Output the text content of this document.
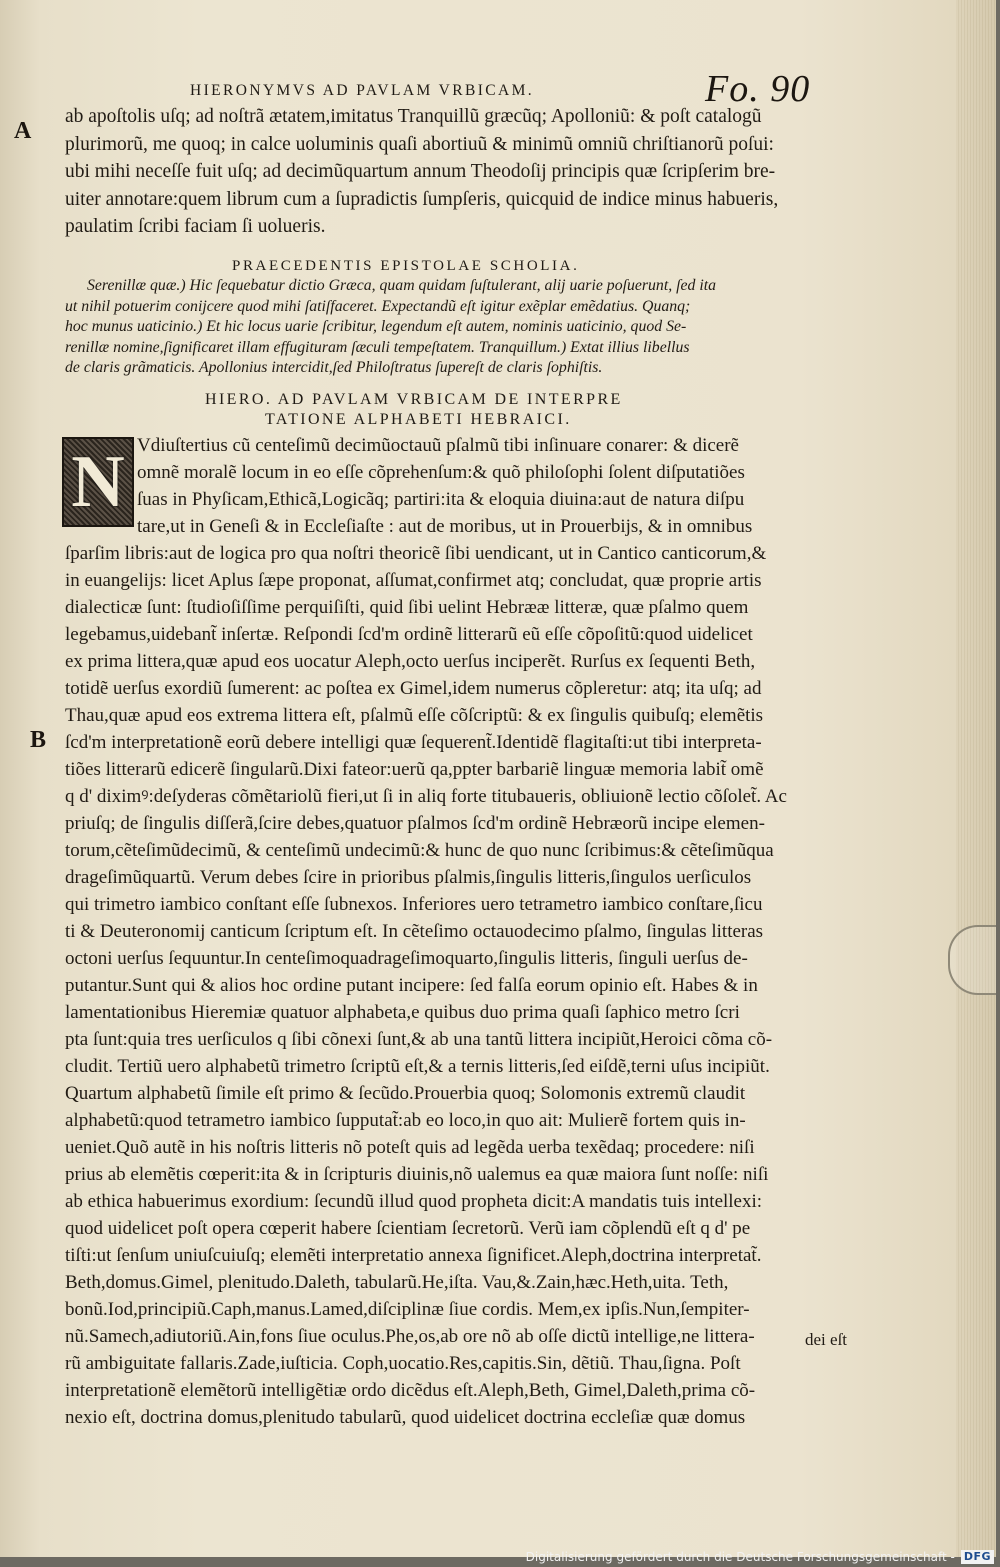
HIERONYMVS AD PAVLAM VRBICAM.	Fo. 90
A
B
ab apoſtolis uſq; ad noſtrã ætatem,imitatus Tranquillũ græcũq; Apolloniũ: & poſt catalogũ
plurimorũ, me quoq; in calce uoluminis quaſi abortiuũ & minimũ omniũ chriſtianorũ poſui:
ubi mihi neceſſe fuit uſq; ad decimũquartum annum Theodoſij principis quæ ſcripſerim bre-
uiter annotare:quem librum cum a ſupradictis ſumpſeris, quicquid de indice minus habueris,
paulatim ſcribi faciam ſi uolueris.
PRAECEDENTIS EPISTOLAE SCHOLIA.
Serenillæ quæ.) Hic ſequebatur dictio Græca, quam quidam ſuſtulerant, alij uarie poſuerunt, ſed ita
ut nihil potuerim conijcere quod mihi ſatiſfaceret. Expectandũ eſt igitur exẽplar emẽdatius. Quanq;
hoc munus uaticinio.) Et hic locus uarie ſcribitur, legendum eſt autem, nominis uaticinio, quod Se-
renillæ nomine,ſignificaret illam effugituram ſæculi tempeſtatem. Tranquillum.) Extat illius libellus
de claris grãmaticis. Apollonius intercidit,ſed Philoſtratus ſupereſt de claris ſophiſtis.
HIERO. AD PAVLAM VRBICAM DE INTERPRE
TATIONE ALPHABETI HEBRAICI.
N Vdiuſtertius cũ centeſimũ decimũoctauũ pſalmũ tibi inſinuare conarer: & dicerẽ
omnẽ moralẽ locum in eo eſſe cõprehenſum:& quõ philoſophi ſolent diſputatiões
ſuas in Phyſicam,Ethicã,Logicãq; partiri:ita & eloquia diuina:aut de natura diſpu
tare,ut in Geneſi & in Eccleſiaſte : aut de moribus, ut in Prouerbijs, & in omnibus
ſparſim libris:aut de logica pro qua noſtri theoricẽ ſibi uendicant, ut in Cantico canticorum,&
in euangelijs: licet Aplus ſæpe proponat, aſſumat,confirmet atq; concludat, quæ proprie artis
dialecticæ ſunt: ſtudioſiſſime perquiſiſti, quid ſibi uelint Hebrææ litteræ, quæ pſalmo quem
legebamus,uidebant̃ inſertæ. Reſpondi ſcd'm ordinẽ litterarũ eũ eſſe cõpoſitũ:quod uidelicet
ex prima littera,quæ apud eos uocatur Aleph,octo uerſus inciperẽt. Rurſus ex ſequenti Beth,
totidẽ uerſus exordiũ ſumerent: ac poſtea ex Gimel,idem numerus cõpleretur: atq; ita uſq; ad
Thau,quæ apud eos extrema littera eſt, pſalmũ eſſe cõſcriptũ: & ex ſingulis quibuſq; elemẽtis
ſcd'm interpretationẽ eorũ debere intelligi quæ ſequerent̃.Identidẽ flagitaſti:ut tibi interpreta-
tiões litterarũ edicerẽ ſingularũ.Dixi fateor:uerũ qa,ppter barbariẽ linguæ memoria labit̃ omẽ
q d' diximꝰ:deſyderas cõmẽtariolũ fieri,ut ſi in aliq forte titubaueris, obliuionẽ lectio cõſolet̃. Ac
priuſq; de ſingulis diſſerã,ſcire debes,quatuor pſalmos ſcd'm ordinẽ Hebræorũ incipe elemen-
torum,cẽteſimũdecimũ, & centeſimũ undecimũ:& hunc de quo nunc ſcribimus:& cẽteſimũqua
drageſimũquartũ. Verum debes ſcire in prioribus pſalmis,ſingulis litteris,ſingulos uerſiculos
qui trimetro iambico conſtant eſſe ſubnexos. Inferiores uero tetrametro iambico conſtare,ſicu
ti & Deuteronomij canticum ſcriptum eſt. In cẽteſimo octauodecimo pſalmo, ſingulas litteras
octoni uerſus ſequuntur.In centeſimoquadrageſimoquarto,ſingulis litteris, ſinguli uerſus de-
putantur.Sunt qui & alios hoc ordine putant incipere: ſed falſa eorum opinio eſt. Habes & in
lamentationibus Hieremiæ quatuor alphabeta,e quibus duo prima quaſi ſaphico metro ſcri
pta ſunt:quia tres uerſiculos q ſibi cõnexi ſunt,& ab una tantũ littera incipiũt,Heroici cõma cõ-
cludit. Tertiũ uero alphabetũ trimetro ſcriptũ eſt,& a ternis litteris,ſed eiſdẽ,terni uſus incipiũt.
Quartum alphabetũ ſimile eſt primo & ſecũdo.Prouerbia quoq; Solomonis extremũ claudit
alphabetũ:quod tetrametro iambico ſupputat̃:ab eo loco,in quo ait: Mulierẽ fortem quis in-
ueniet.Quõ autẽ in his noſtris litteris nõ poteſt quis ad legẽda uerba texẽdaq; procedere: niſi
prius ab elemẽtis cœperit:ita & in ſcripturis diuinis,nõ ualemus ea quæ maiora ſunt noſſe: niſi
ab ethica habuerimus exordium: ſecundũ illud quod propheta dicit:A mandatis tuis intellexi:
quod uidelicet poſt opera cœperit habere ſcientiam ſecretorũ. Verũ iam cõplendũ eſt q d' pe
tiſti:ut ſenſum uniuſcuiuſq; elemẽti interpretatio annexa ſignificet.Aleph,doctrina interpretat̃.
Beth,domus.Gimel, plenitudo.Daleth, tabularũ.He,iſta. Vau,&.Zain,hæc.Heth,uita. Teth,
bonũ.Iod,principiũ.Caph,manus.Lamed,diſciplinæ ſiue cordis. Mem,ex ipſis.Nun,ſempiter-
nũ.Samech,adiutoriũ.Ain,fons ſiue oculus.Phe,os,ab ore nõ ab oſſe dictũ intellige,ne littera-
rũ ambiguitate fallaris.Zade,iuſticia. Coph,uocatio.Res,capitis.Sin, dẽtiũ. Thau,ſigna. Poſt
interpretationẽ elemẽtorũ intelligẽtiæ ordo dicẽdus eſt.Aleph,Beth, Gimel,Daleth,prima cõ-
nexio eſt, doctrina domus,plenitudo tabularũ, quod uidelicet doctrina eccleſiæ quæ domus
dei eſt
Digitalisierung gefördert durch die Deutsche Forschungsgemeinschaft - DFG
